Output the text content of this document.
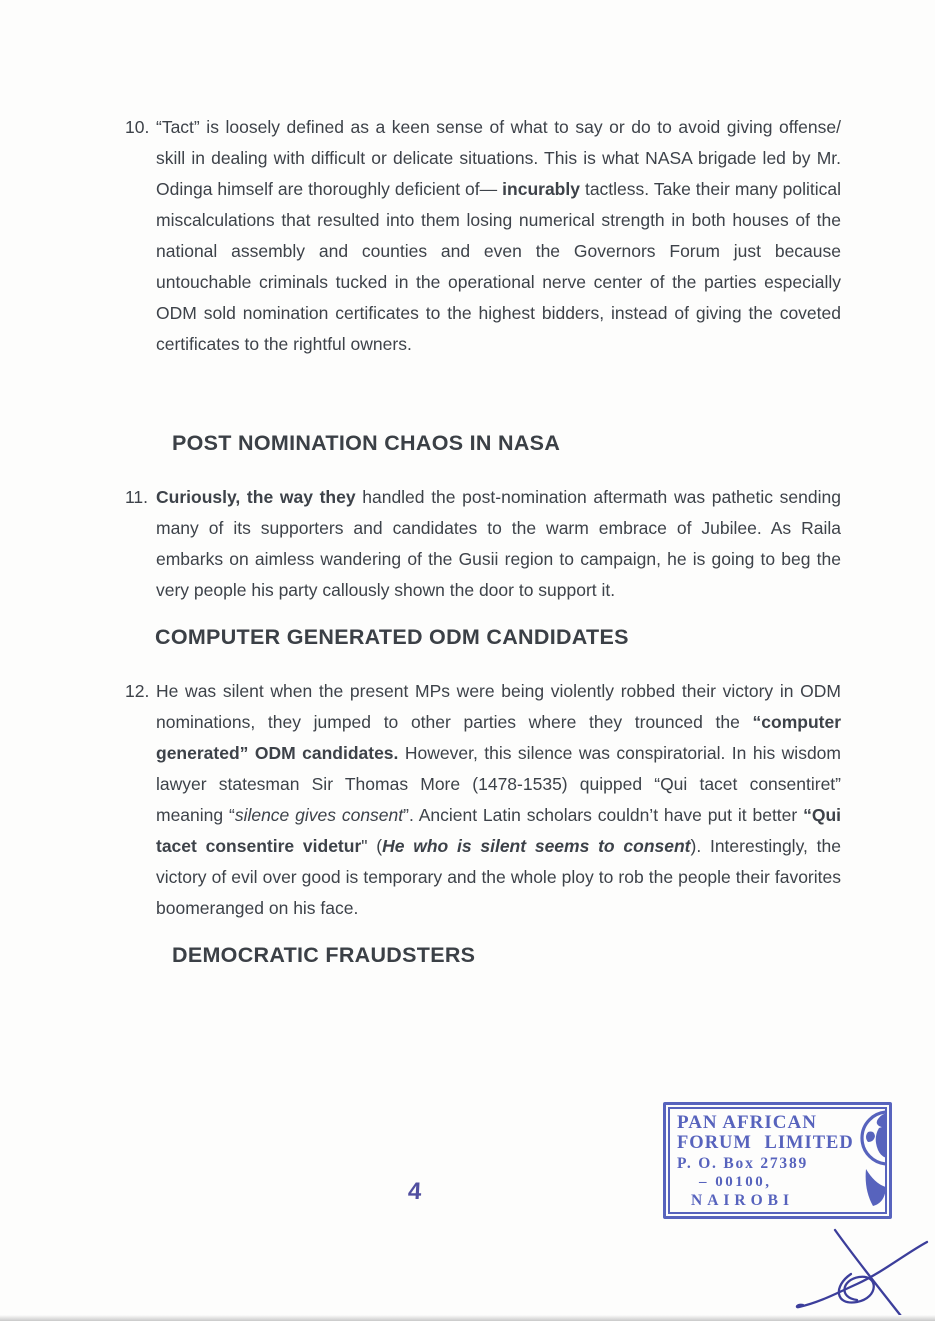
10. “Tact” is loosely defined as a keen sense of what to say or do to avoid giving offense/ skill in dealing with difficult or delicate situations. This is what NASA brigade led by Mr. Odinga himself are thoroughly deficient of— incurably tactless. Take their many political miscalculations that resulted into them losing numerical strength in both houses of the national assembly and counties and even the Governors Forum just because untouchable criminals tucked in the operational nerve center of the parties especially ODM sold nomination certificates to the highest bidders, instead of giving the coveted certificates to the rightful owners.

POST NOMINATION CHAOS IN NASA

11. Curiously, the way they handled the post-nomination aftermath was pathetic sending many of its supporters and candidates to the warm embrace of Jubilee. As Raila embarks on aimless wandering of the Gusii region to campaign, he is going to beg the very people his party callously shown the door to support it.

COMPUTER GENERATED ODM CANDIDATES

12. He was silent when the present MPs were being violently robbed their victory in ODM nominations, they jumped to other parties where they trounced the “computer generated” ODM candidates. However, this silence was conspiratorial. In his wisdom lawyer statesman Sir Thomas More (1478-1535) quipped “Qui tacet consentiret” meaning “silence gives consent”. Ancient Latin scholars couldn’t have put it better “Qui tacet consentire videtur" (He who is silent seems to consent). Interestingly, the victory of evil over good is temporary and the whole ploy to rob the people their favorites boomeranged on his face.

DEMOCRATIC FRAUDSTERS
4
PAN AFRICAN
FORUM LIMITED
P. O. Box 27389
– 00100,
NAIROBI
